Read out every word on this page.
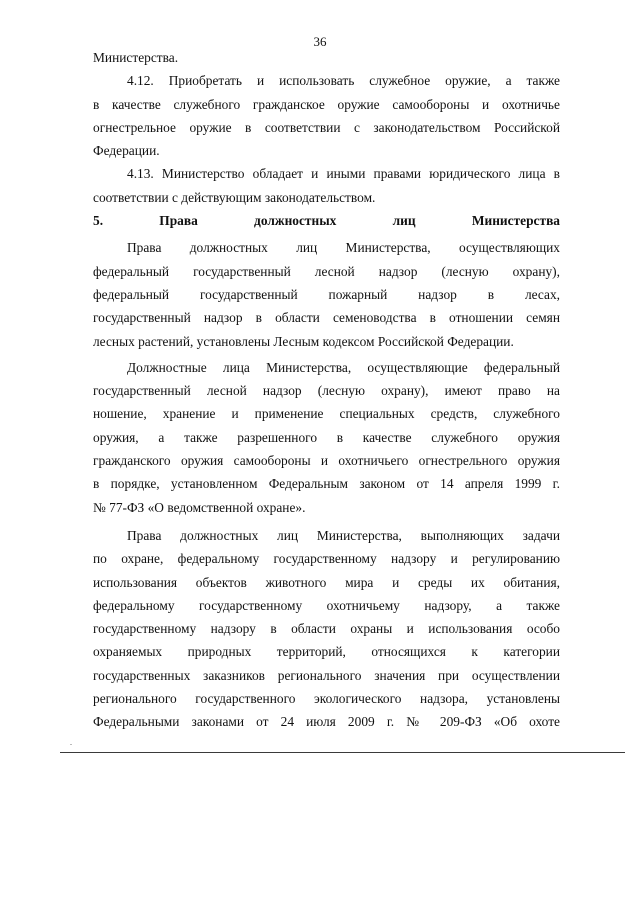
36

Министерства.

4.12. Приобретать и использовать служебное оружие, а также

в качестве служебного гражданское оружие самообороны и охотничье

огнестрельное оружие в соответствии с законодательством Российской

Федерации.

4.13. Министерство обладает и иными правами юридического лица в

соответствии с действующим законодательством.

5. Права должностных лиц Министерства

Права должностных лиц Министерства, осуществляющих

федеральный государственный лесной надзор (лесную охрану),

федеральный государственный пожарный надзор в лесах,

государственный надзор в области семеноводства в отношении семян

лесных растений, установлены Лесным кодексом Российской Федерации.

Должностные лица Министерства, осуществляющие федеральный

государственный лесной надзор (лесную охрану), имеют право на

ношение, хранение и применение специальных средств, служебного

оружия, а также разрешенного в качестве служебного оружия

гражданского оружия самообороны и охотничьего огнестрельного оружия

в порядке, установленном Федеральным законом от 14 апреля 1999 г.

№ 77-ФЗ «О ведомственной охране».

Права должностных лиц Министерства, выполняющих задачи

по охране, федеральному государственному надзору и регулированию

использования объектов животного мира и среды их обитания,

федеральному государственному охотничьему надзору, а также

государственному надзору в области охраны и использования особо

охраняемых природных территорий, относящихся к категории

государственных заказников регионального значения при осуществлении

регионального государственного экологического надзора, установлены

Федеральными законами от 24 июля 2009 г. № 209-ФЗ «Об охоте
